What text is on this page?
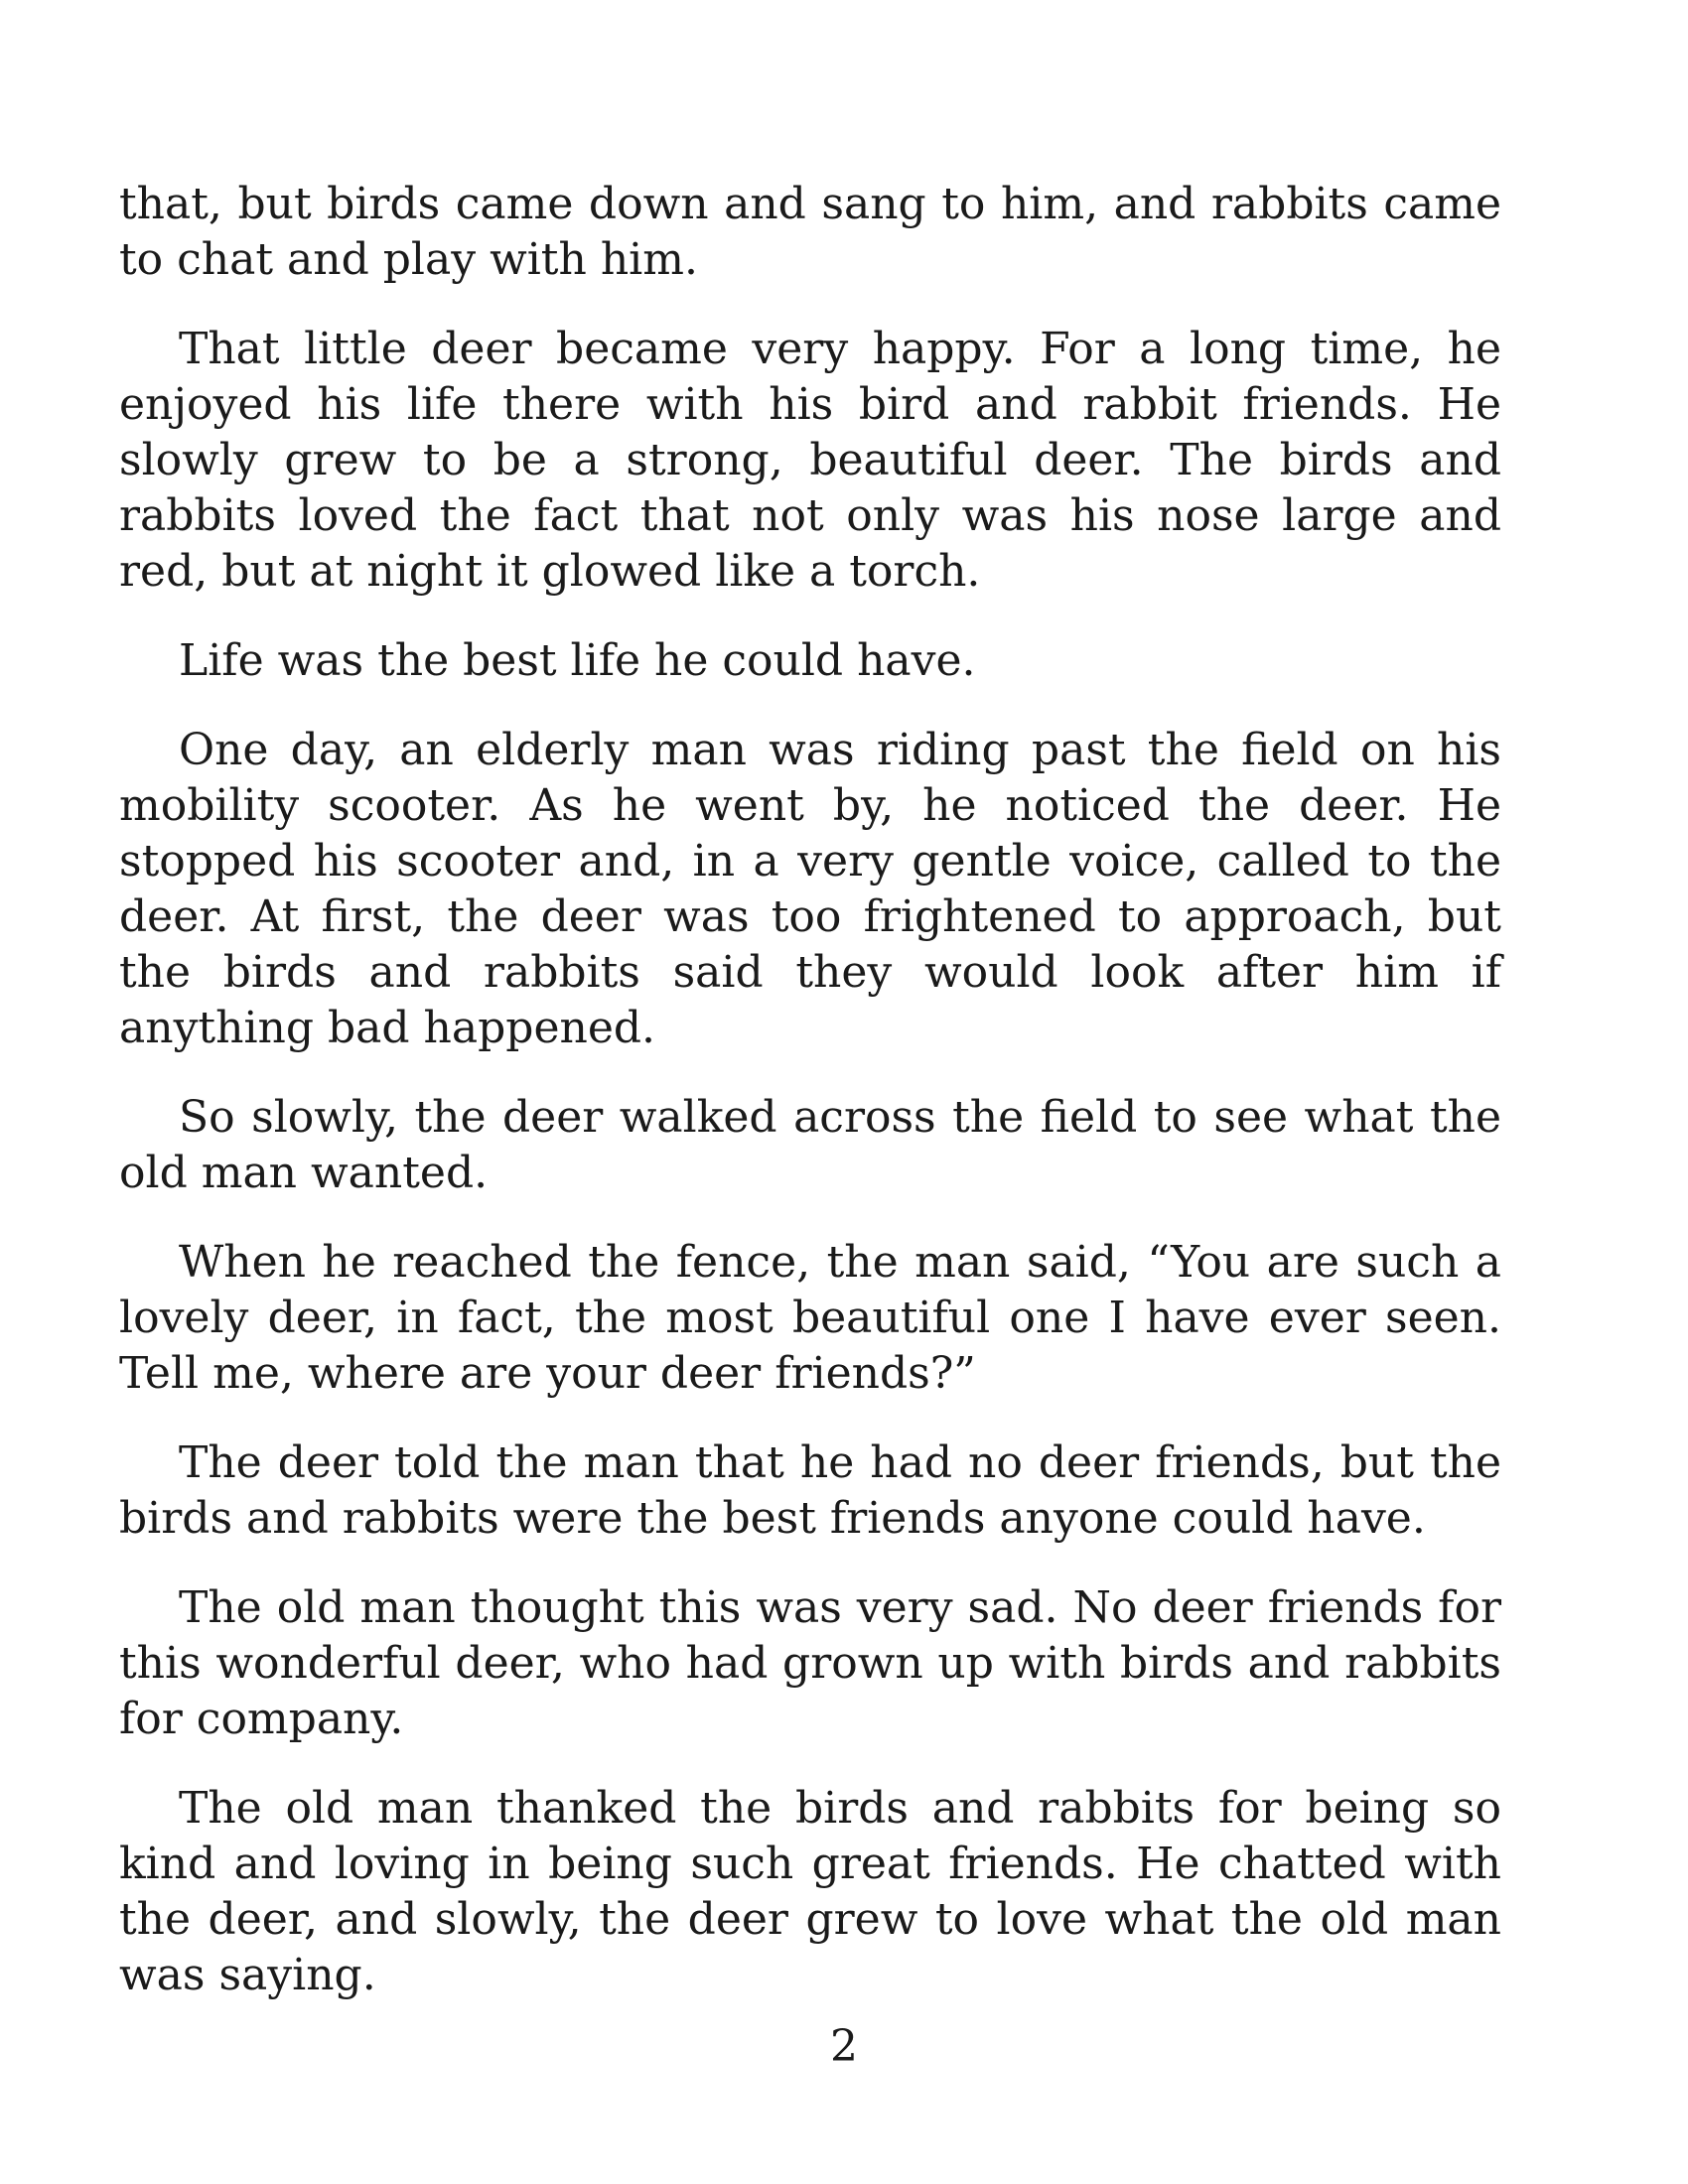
that, but birds came down and sang to him, and rabbits came to chat and play with him.

That little deer became very happy. For a long time, he enjoyed his life there with his bird and rabbit friends. He slowly grew to be a strong, beautiful deer. The birds and rabbits loved the fact that not only was his nose large and red, but at night it glowed like a torch.

Life was the best life he could have.

One day, an elderly man was riding past the field on his mobility scooter. As he went by, he noticed the deer. He stopped his scooter and, in a very gentle voice, called to the deer. At first, the deer was too frightened to approach, but the birds and rabbits said they would look after him if anything bad happened.

So slowly, the deer walked across the field to see what the old man wanted.

When he reached the fence, the man said, “You are such a lovely deer, in fact, the most beautiful one I have ever seen. Tell me, where are your deer friends?”

The deer told the man that he had no deer friends, but the birds and rabbits were the best friends anyone could have.

The old man thought this was very sad. No deer friends for this wonderful deer, who had grown up with birds and rabbits for company.

The old man thanked the birds and rabbits for being so kind and loving in being such great friends. He chatted with the deer, and slowly, the deer grew to love what the old man was saying.

2
